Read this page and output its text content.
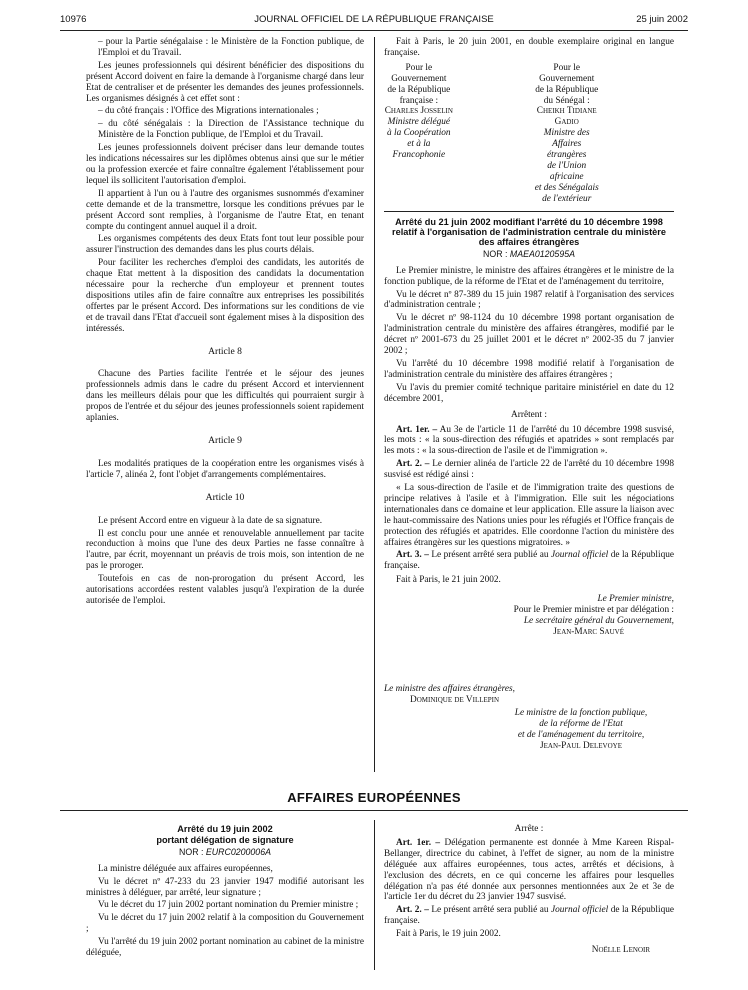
10976	JOURNAL OFFICIEL DE LA RÉPUBLIQUE FRANÇAISE	25 juin 2002

– pour la Partie sénégalaise : le Ministère de la Fonction publique, de l'Emploi et du Travail.

Les jeunes professionnels qui désirent bénéficier des dispositions du présent Accord doivent en faire la demande à l'organisme chargé dans leur Etat de centraliser et de présenter les demandes des jeunes professionnels. Les organismes désignés à cet effet sont :

– du côté français : l'Office des Migrations internationales ;

– du côté sénégalais : la Direction de l'Assistance technique du Ministère de la Fonction publique, de l'Emploi et du Travail.

Les jeunes professionnels doivent préciser dans leur demande toutes les indications nécessaires sur les diplômes obtenus ainsi que sur le métier ou la profession exercée et faire connaître également l'établissement pour lequel ils sollicitent l'autorisation d'emploi.

Il appartient à l'un ou à l'autre des organismes susnommés d'examiner cette demande et de la transmettre, lorsque les conditions prévues par le présent Accord sont remplies, à l'organisme de l'autre Etat, en tenant compte du contingent annuel auquel il a droit.

Les organismes compétents des deux Etats font tout leur possible pour assurer l'instruction des demandes dans les plus courts délais.

Pour faciliter les recherches d'emploi des candidats, les autorités de chaque Etat mettent à la disposition des candidats la documentation nécessaire pour la recherche d'un employeur et prennent toutes dispositions utiles afin de faire connaître aux entreprises les possibilités offertes par le présent Accord. Des informations sur les conditions de vie et de travail dans l'Etat d'accueil sont également mises à la disposition des intéressés.

Article 8

Chacune des Parties facilite l'entrée et le séjour des jeunes professionnels admis dans le cadre du présent Accord et interviennent dans les meilleurs délais pour que les difficultés qui pourraient surgir à propos de l'entrée et du séjour des jeunes professionnels soient rapidement aplanies.

Article 9

Les modalités pratiques de la coopération entre les organismes visés à l'article 7, alinéa 2, font l'objet d'arrangements complémentaires.

Article 10

Le présent Accord entre en vigueur à la date de sa signature.

Il est conclu pour une année et renouvelable annuellement par tacite reconduction à moins que l'une des deux Parties ne fasse connaître à l'autre, par écrit, moyennant un préavis de trois mois, son intention de ne pas le proroger.

Toutefois en cas de non-prorogation du présent Accord, les autorisations accordées restent valables jusqu'à l'expiration de la durée autorisée de l'emploi.

Fait à Paris, le 20 juin 2001, en double exemplaire original en langue française.

Pour le Gouvernement
de la République française :
Charles Josselin
Ministre délégué
à la Coopération
et à la Francophonie
Pour le Gouvernement
de la République du Sénégal :
Cheikh Tidiane Gadio
Ministre des Affaires étrangères
de l'Union africaine
et des Sénégalais
de l'extérieur
Arrêté du 21 juin 2002 modifiant l'arrêté du 10 décembre 1998 relatif à l'organisation de l'administration centrale du ministère des affaires étrangères
NOR : MAEA0120595A

Le Premier ministre, le ministre des affaires étrangères et le ministre de la fonction publique, de la réforme de l'Etat et de l'aménagement du territoire,

Vu le décret nº 87-389 du 15 juin 1987 relatif à l'organisation des services d'administration centrale ;

Vu le décret nº 98-1124 du 10 décembre 1998 portant organisation de l'administration centrale du ministère des affaires étrangères, modifié par le décret nº 2001-673 du 25 juillet 2001 et le décret nº 2002-35 du 7 janvier 2002 ;

Vu l'arrêté du 10 décembre 1998 modifié relatif à l'organisation de l'administration centrale du ministère des affaires étrangères ;

Vu l'avis du premier comité technique paritaire ministériel en date du 12 décembre 2001,

Arrêtent :

Art. 1er. – Au 3e de l'article 11 de l'arrêté du 10 décembre 1998 susvisé, les mots : « la sous-direction des réfugiés et apatrides » sont remplacés par les mots : « la sous-direction de l'asile et de l'immigration ».

Art. 2. – Le dernier alinéa de l'article 22 de l'arrêté du 10 décembre 1998 susvisé est rédigé ainsi :

« La sous-direction de l'asile et de l'immigration traite des questions de principe relatives à l'asile et à l'immigration. Elle suit les négociations internationales dans ce domaine et leur application. Elle assure la liaison avec le haut-commissaire des Nations unies pour les réfugiés et l'Office français de protection des réfugiés et apatrides. Elle coordonne l'action du ministère des affaires étrangères sur les questions migratoires. »

Art. 3. – Le présent arrêté sera publié au Journal officiel de la République française.

Fait à Paris, le 21 juin 2002.

Le Premier ministre,
Pour le Premier ministre et par délégation :
Le secrétaire général du Gouvernement,
Jean-Marc Sauvé
Le ministre des affaires étrangères,
Dominique de Villepin
Le ministre de la fonction publique,
de la réforme de l'Etat
et de l'aménagement du territoire,
Jean-Paul Delevoye
AFFAIRES EUROPÉENNES
Arrêté du 19 juin 2002
portant délégation de signature
NOR : EURC0200006A

La ministre déléguée aux affaires européennes,

Vu le décret nº 47-233 du 23 janvier 1947 modifié autorisant les ministres à déléguer, par arrêté, leur signature ;

Vu le décret du 17 juin 2002 portant nomination du Premier ministre ;

Vu le décret du 17 juin 2002 relatif à la composition du Gouvernement ;

Vu l'arrêté du 19 juin 2002 portant nomination au cabinet de la ministre déléguée,

Arrête :

Art. 1er. – Délégation permanente est donnée à Mme Kareen Rispal-Bellanger, directrice du cabinet, à l'effet de signer, au nom de la ministre déléguée aux affaires européennes, tous actes, arrêtés et décisions, à l'exclusion des décrets, en ce qui concerne les affaires pour lesquelles délégation n'a pas été donnée aux personnes mentionnées aux 2e et 3e de l'article 1er du décret du 23 janvier 1947 susvisé.

Art. 2. – Le présent arrêté sera publié au Journal officiel de la République française.

Fait à Paris, le 19 juin 2002.

Noëlle Lenoir
